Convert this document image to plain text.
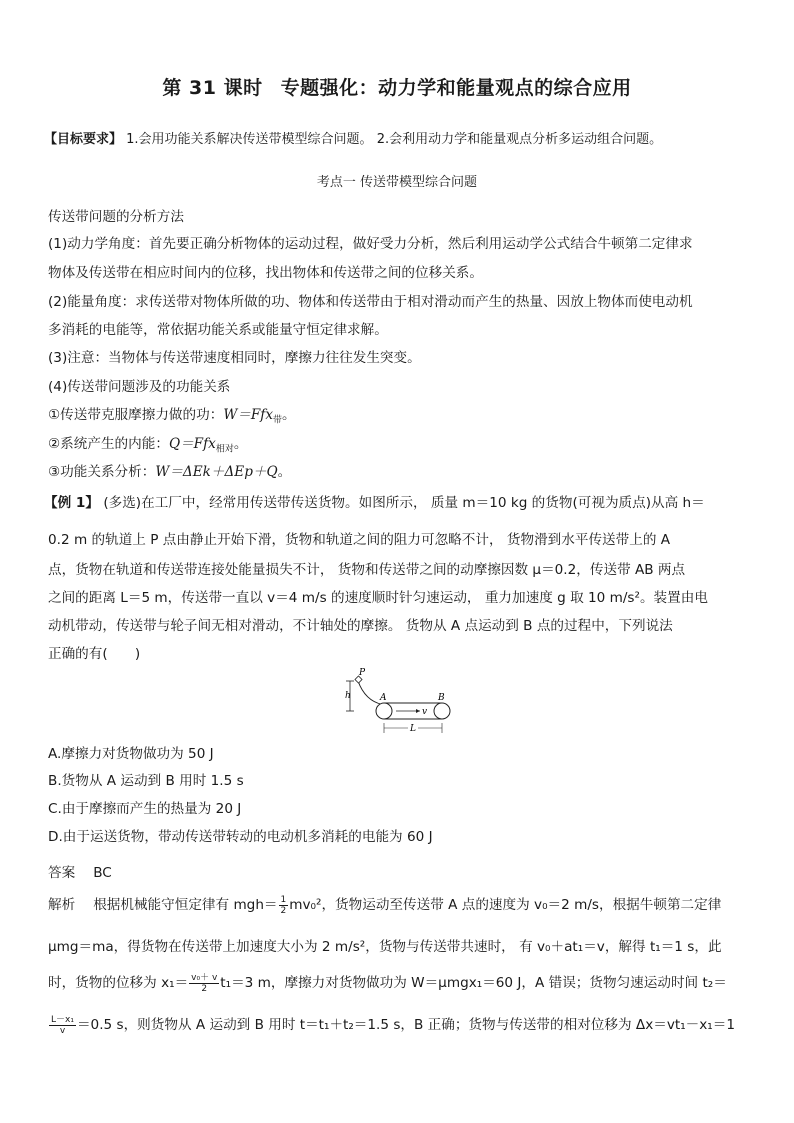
第 31 课时 专题强化：动力学和能量观点的综合应用
【目标要求】 1.会用功能关系解决传送带模型综合问题。 2.会利用动力学和能量观点分析多运动组合问题。
考点一 传送带模型综合问题
传送带问题的分析方法
(1)动力学角度：首先要正确分析物体的运动过程，做好受力分析，然后利用运动学公式结合牛顿第二定律求
物体及传送带在相应时间内的位移，找出物体和传送带之间的位移关系。
(2)能量角度：求传送带对物体所做的功、物体和传送带由于相对滑动而产生的热量、因放上物体而使电动机
多消耗的电能等，常依据功能关系或能量守恒定律求解。
(3)注意：当物体与传送带速度相同时，摩擦力往往发生突变。
(4)传送带问题涉及的功能关系
①传送带克服摩擦力做的功：W＝Ffx$_带$。
②系统产生的内能：Q＝Ffx$_{相对}$。
③功能关系分析：W＝ΔEk＋ΔEp＋Q。
【例 1】 (多选)在工厂中，经常用传送带传送货物。如图所示， 质量 m＝10 kg 的货物(可视为质点)从高 h＝
0.2 m 的轨道上 P 点由静止开始下滑，货物和轨道之间的阻力可忽略不计， 货物滑到水平传送带上的 A
点，货物在轨道和传送带连接处能量损失不计， 货物和传送带之间的动摩擦因数 μ＝0.2，传送带 AB 两点
之间的距离 L＝5 m，传送带一直以 v＝4 m/s 的速度顺时针匀速运动， 重力加速度 g 取 10 m/s²。装置由电
动机带动，传送带与轮子间无相对滑动，不计轴处的摩擦。 货物从 A 点运动到 B 点的过程中，下列说法
正确的有(　　)
h
P
A	B
v
L
A.摩擦力对货物做功为 50 J
B.货物从 A 运动到 B 用时 1.5 s
C.由于摩擦而产生的热量为 20 J
D.由于运送货物，带动传送带转动的电动机多消耗的电能为 60 J
答案 BC
解析 根据机械能守恒定律有 $mgh= \frac{1}{2} mv_0^2$，货物运动至传送带 A 点的速度为 v₀＝2 m/s，根据牛顿第二定律
μmg＝ma，得货物在传送带上加速度大小为 2 m/s²，货物与传送带共速时， 有 v₀＋at₁＝v，解得 t₁＝1 s，此
时，货物的位移为 $x_1= \frac{\text{v₀＋ v}}{2} t_1=3$ m，摩擦力对货物做功为 W＝μmgx₁＝60 J，A 错误；货物匀速运动时间 t₂＝
$\frac{\text{L－x₁}}{v} =0.5$ s，则货物从 A 运动到 B 用时 t＝t₁＋t₂＝1.5 s，B 正确；货物与传送带的相对位移为 Δx＝vt₁－x₁＝1
